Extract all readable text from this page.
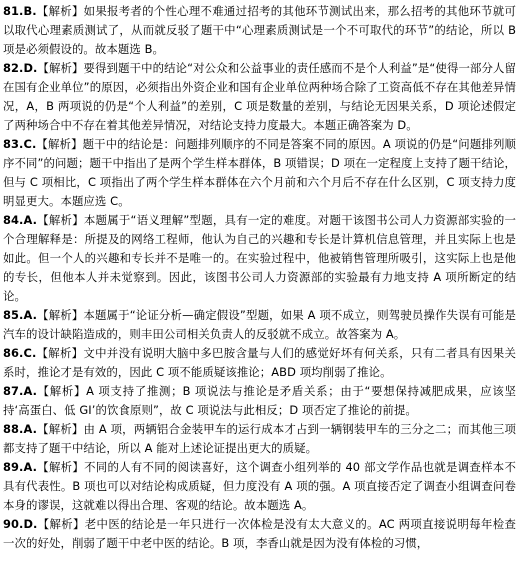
81.B.【解析】如果报考者的个性心理不难通过招考的其他环节测试出来，那么招考的其他环节就可以取代心理素质测试了，从而就反驳了题干中“心理素质测试是一个不可取代的环节”的结论，所以 B 项是必须假设的。故本题选 B。

82.D.【解析】要得到题干中的结论“对公众和公益事业的责任感而不是个人利益”是“使得一部分人留在国有企业单位”的原因，必须指出外资企业和国有企业单位两种场合除了工资高低不存在其他差异情况，A，B 两项说的仍是“个人利益”的差别，C 项是数量的差别，与结论无因果关系，D 项论述假定了两种场合中不存在着其他差异情况，对结论支持力度最大。本题正确答案为 D。

83.C.【解析】题干中的结论是：问题排列顺序的不同是答案不同的原因。A 项说的仍是“问题排列顺序不同”的问题；题干中指出了是两个学生样本群体，B 项错误；D 项在一定程度上支持了题干结论，但与 C 项相比，C 项指出了两个学生样本群体在六个月前和六个月后不存在什么区别，C 项支持力度明显更大。本题应选 C。

84.A.【解析】本题属于“语义理解”型题，具有一定的难度。对题干该图书公司人力资源部实验的一个合理解释是：所提及的网络工程师，他认为自己的兴趣和专长是计算机信息管理，并且实际上也是如此。但一个人的兴趣和专长并不是唯一的。在实验过程中，他被销售管理所吸引，这实际上也是他的专长，但他本人并未觉察到。因此，该图书公司人力资源部的实验最有力地支持 A 项所断定的结论。

85.A.【解析】本题属于“论证分析—确定假设”型题，如果 A 项不成立，则驾驶员操作失误有可能是汽车的设计缺陷造成的，则丰田公司相关负责人的反驳就不成立。故答案为 A。

86.C.【解析】文中并没有说明大脑中多巴胺含量与人们的感觉好坏有何关系，只有二者具有因果关系时，推论才是有效的，因此 C 项不能质疑该推论；ABD 项均削弱了推论。

87.A.【解析】A 项支持了推测；B 项说法与推论是矛盾关系；由于“要想保持减肥成果，应该坚持‘高蛋白、低 GI’的饮食原则”，故 C 项说法与此相反；D 项否定了推论的前提。

88.A.【解析】由 A 项，两辆铝合金装甲车的运行成本才占到一辆钢装甲车的三分之二；而其他三项都支持了题干中结论，所以 A 能对上述论证提出更大的质疑。

89.A.【解析】不同的人有不同的阅读喜好，这个调查小组列举的 40 部文学作品也就是调查样本不具有代表性。B 项也可以对结论构成质疑，但力度没有 A 项的强。A 项直接否定了调查小组调查问卷本身的谬误，这就难以得出合理、客观的结论。故本题选 A。

90.D.【解析】老中医的结论是一年只进行一次体检是没有太大意义的。AC 两项直接说明每年检查一次的好处，削弱了题干中老中医的结论。B 项，李香山就是因为没有体检的习惯，
